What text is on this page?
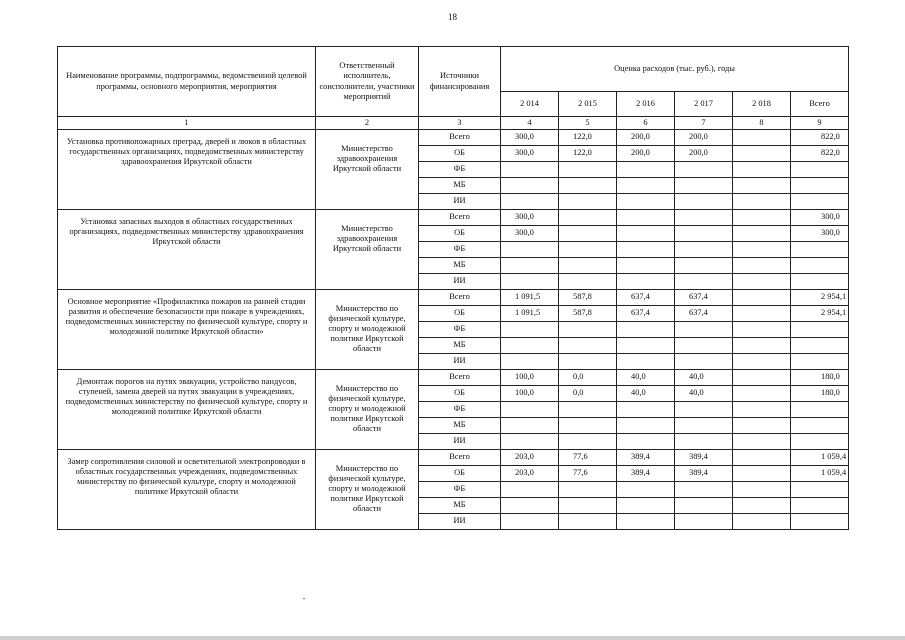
18
Наименование программы, подпрограммы, ведомственной целевой программы, основного мероприятия, мероприятия	Ответственный исполнитель, соисполнители, участники мероприятий	Источники финансирования	Оценка расходов (тыс. руб.), годы					
			2 014	2 015	2 016	2 017	2 018	Всего
1	2	3	4	5	6	7	8	9
Установка противопожарных преград, дверей и люков в областных государственных организациях, подведомственных министерству здравоохранения Иркутской области	Министерство здравоохранения Иркутской области	Всего	300,0	122,0	200,0	200,0		822,0
		ОБ	300,0	122,0	200,0	200,0		822,0
		ФБ						
		МБ						
		ИИ						
Установка запасных выходов в областных государственных организациях, подведомственных министерству здравоохранения Иркутской области	Министерство здравоохранения Иркутской области	Всего	300,0					300,0
		ОБ	300,0					300,0
		ФБ						
		МБ						
		ИИ						
Основное мероприятие «Профилактика пожаров на ранней стадии развития и обеспечение безопасности при пожаре в учреждениях, подведомственных министерству по физической культуре, спорту и молодежной политике Иркутской области»	Министерство по физической культуре, спорту и молодежной политике Иркутской области	Всего	1 091,5	587,8	637,4	637,4		2 954,1
		ОБ	1 091,5	587,8	637,4	637,4		2 954,1
		ФБ						
		МБ						
		ИИ						
Демонтаж порогов на путях эвакуации, устройство пандусов, ступеней, замена дверей на путях эвакуации в учреждениях, подведомственных министерству по физической культуре, спорту и молодежной политике Иркутской области	Министерство по физической культуре, спорту и молодежной политике Иркутской области	Всего	100,0	0,0	40,0	40,0		180,0
		ОБ	100,0	0,0	40,0	40,0		180,0
		ФБ						
		МБ						
		ИИ						
Замер сопротивления силовой и осветительной электропроводки в областных государственных учреждениях, подведомственных министерству по физической культуре, спорту и молодежной политике Иркутской области	Министерство по физической культуре, спорту и молодежной политике Иркутской области	Всего	203,0	77,6	389,4	389,4		1 059,4
		ОБ	203,0	77,6	389,4	389,4		1 059,4
		ФБ						
		МБ						
		ИИ						
